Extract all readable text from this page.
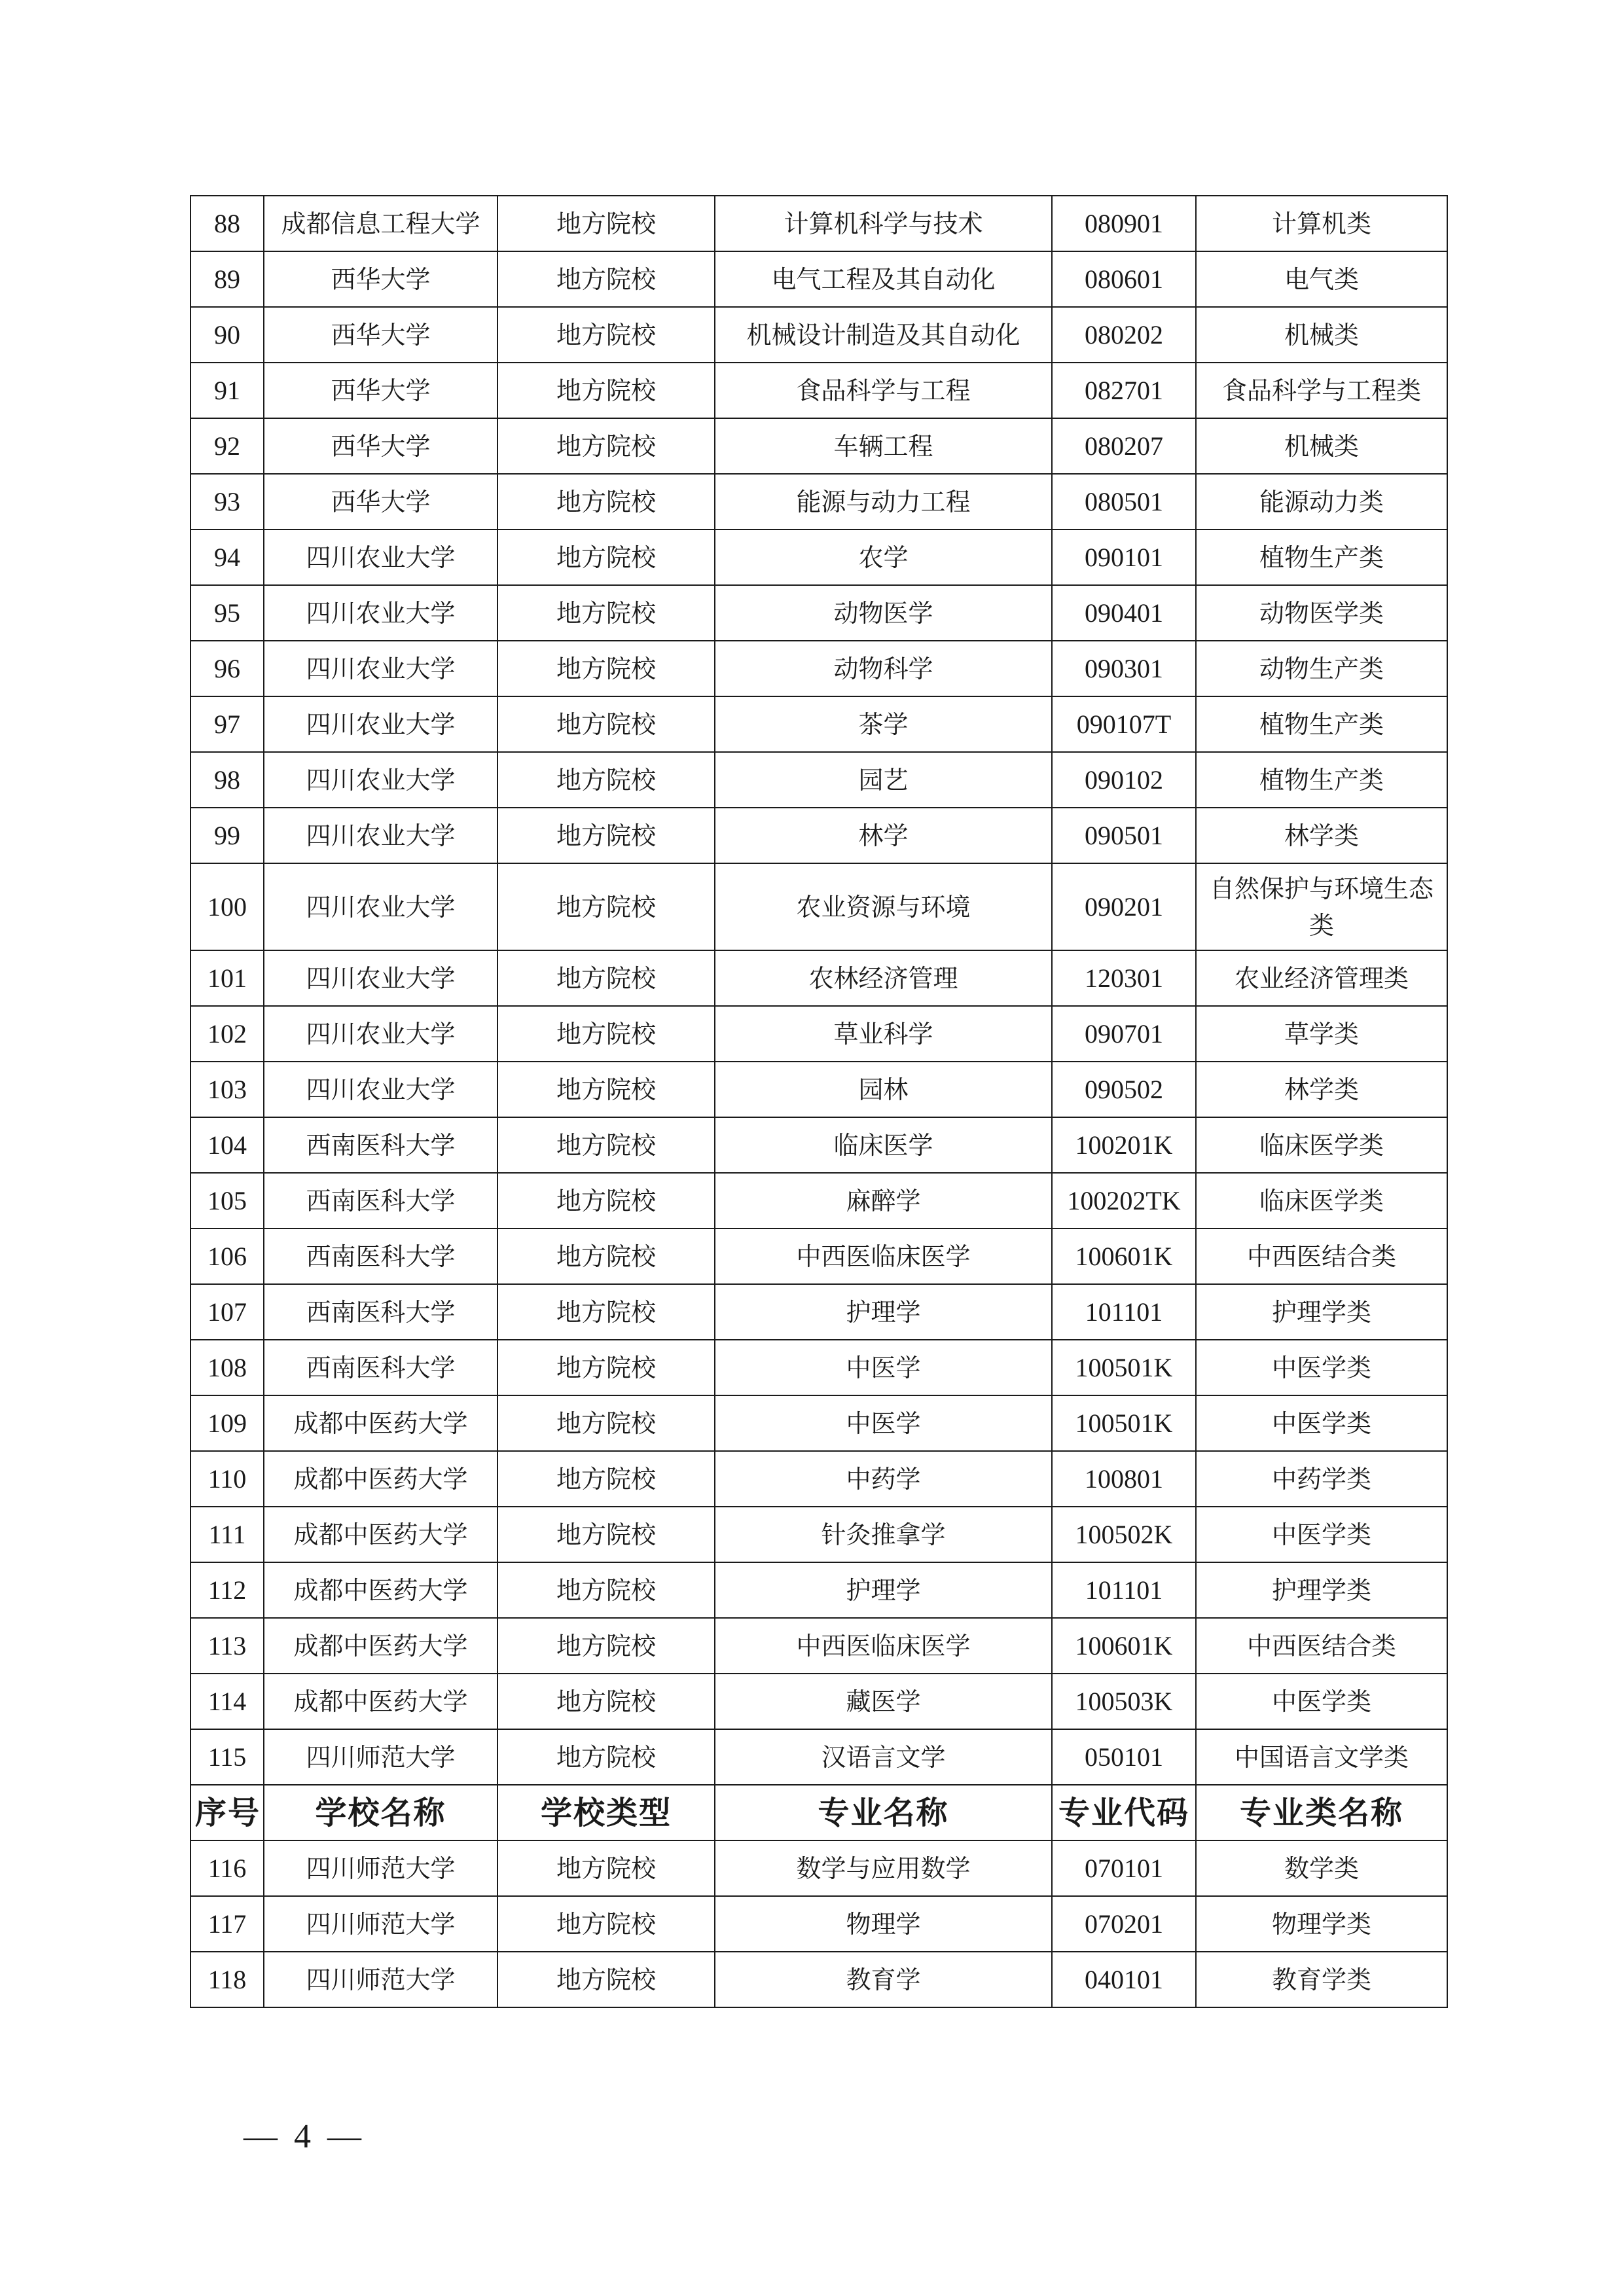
88	成都信息工程大学	地方院校	计算机科学与技术	080901	计算机类
89	西华大学	地方院校	电气工程及其自动化	080601	电气类
90	西华大学	地方院校	机械设计制造及其自动化	080202	机械类
91	西华大学	地方院校	食品科学与工程	082701	食品科学与工程类
92	西华大学	地方院校	车辆工程	080207	机械类
93	西华大学	地方院校	能源与动力工程	080501	能源动力类
94	四川农业大学	地方院校	农学	090101	植物生产类
95	四川农业大学	地方院校	动物医学	090401	动物医学类
96	四川农业大学	地方院校	动物科学	090301	动物生产类
97	四川农业大学	地方院校	茶学	090107T	植物生产类
98	四川农业大学	地方院校	园艺	090102	植物生产类
99	四川农业大学	地方院校	林学	090501	林学类
100	四川农业大学	地方院校	农业资源与环境	090201	自然保护与环境生态类
101	四川农业大学	地方院校	农林经济管理	120301	农业经济管理类
102	四川农业大学	地方院校	草业科学	090701	草学类
103	四川农业大学	地方院校	园林	090502	林学类
104	西南医科大学	地方院校	临床医学	100201K	临床医学类
105	西南医科大学	地方院校	麻醉学	100202TK	临床医学类
106	西南医科大学	地方院校	中西医临床医学	100601K	中西医结合类
107	西南医科大学	地方院校	护理学	101101	护理学类
108	西南医科大学	地方院校	中医学	100501K	中医学类
109	成都中医药大学	地方院校	中医学	100501K	中医学类
110	成都中医药大学	地方院校	中药学	100801	中药学类
111	成都中医药大学	地方院校	针灸推拿学	100502K	中医学类
112	成都中医药大学	地方院校	护理学	101101	护理学类
113	成都中医药大学	地方院校	中西医临床医学	100601K	中西医结合类
114	成都中医药大学	地方院校	藏医学	100503K	中医学类
115	四川师范大学	地方院校	汉语言文学	050101	中国语言文学类
序号	学校名称	学校类型	专业名称	专业代码	专业类名称
116	四川师范大学	地方院校	数学与应用数学	070101	数学类
117	四川师范大学	地方院校	物理学	070201	物理学类
118	四川师范大学	地方院校	教育学	040101	教育学类
— 4 —
